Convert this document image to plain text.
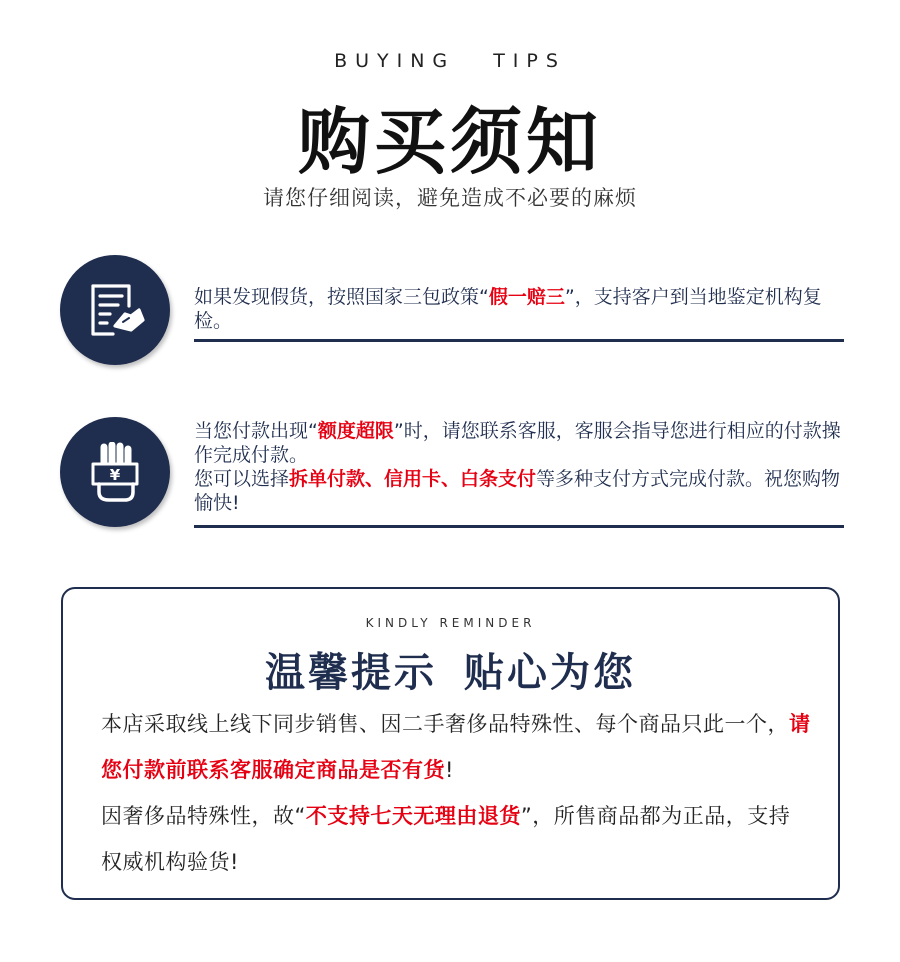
BUYING TIPS
购买须知
请您仔细阅读，避免造成不必要的麻烦
如果发现假货，按照国家三包政策“假一赔三”，支持客户到当地鉴定机构复检。
¥
当您付款出现“额度超限”时，请您联系客服，客服会指导您进行相应的付款操作完成付款。
您可以选择拆单付款、信用卡、白条支付等多种支付方式完成付款。祝您购物愉快!
KINDLY REMINDER
温馨提示 贴心为您
本店采取线上线下同步销售、因二手奢侈品特殊性、每个商品只此一个，请您付款前联系客服确定商品是否有货!
因奢侈品特殊性，故“不支持七天无理由退货”，所售商品都为正品，支持权威机构验货!
